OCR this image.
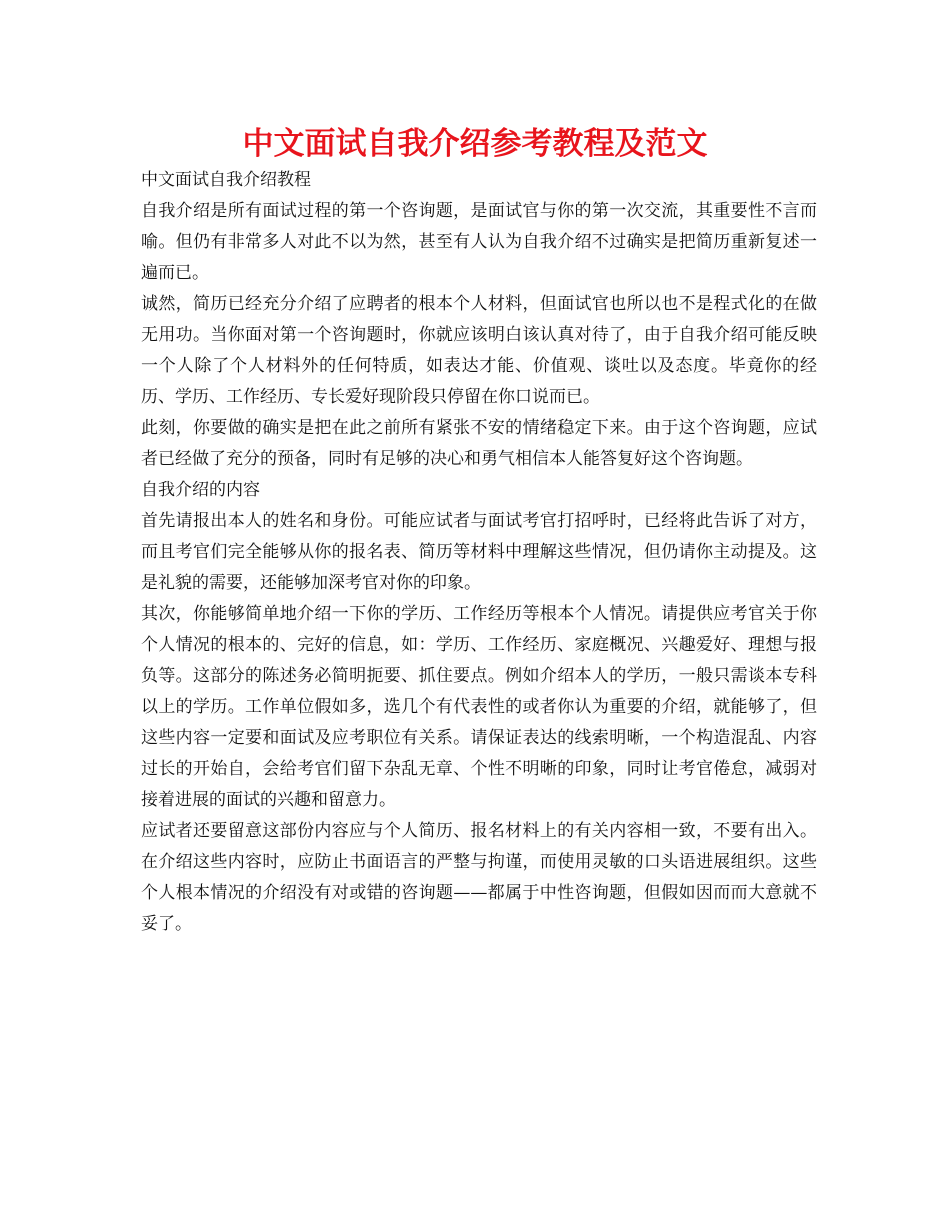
中文面试自我介绍参考教程及范文

中文面试自我介绍教程

自我介绍是所有面试过程的第一个咨询题，是面试官与你的第一次交流，其重要性不言而喻。但仍有非常多人对此不以为然，甚至有人认为自我介绍不过确实是把简历重新复述一遍而已。

诚然，简历已经充分介绍了应聘者的根本个人材料，但面试官也所以也不是程式化的在做无用功。当你面对第一个咨询题时，你就应该明白该认真对待了，由于自我介绍可能反映一个人除了个人材料外的任何特质，如表达才能、价值观、谈吐以及态度。毕竟你的经历、学历、工作经历、专长爱好现阶段只停留在你口说而已。

此刻，你要做的确实是把在此之前所有紧张不安的情绪稳定下来。由于这个咨询题，应试者已经做了充分的预备，同时有足够的决心和勇气相信本人能答复好这个咨询题。

自我介绍的内容

首先请报出本人的姓名和身份。可能应试者与面试考官打招呼时，已经将此告诉了对方，而且考官们完全能够从你的报名表、简历等材料中理解这些情况，但仍请你主动提及。这是礼貌的需要，还能够加深考官对你的印象。

其次，你能够简单地介绍一下你的学历、工作经历等根本个人情况。请提供应考官关于你个人情况的根本的、完好的信息，如：学历、工作经历、家庭概况、兴趣爱好、理想与报负等。这部分的陈述务必简明扼要、抓住要点。例如介绍本人的学历，一般只需谈本专科以上的学历。工作单位假如多，选几个有代表性的或者你认为重要的介绍，就能够了，但这些内容一定要和面试及应考职位有关系。请保证表达的线索明晰，一个构造混乱、内容过长的开始自，会给考官们留下杂乱无章、个性不明晰的印象，同时让考官倦怠，减弱对接着进展的面试的兴趣和留意力。

应试者还要留意这部份内容应与个人简历、报名材料上的有关内容相一致，不要有出入。在介绍这些内容时，应防止书面语言的严整与拘谨，而使用灵敏的口头语进展组织。这些个人根本情况的介绍没有对或错的咨询题——都属于中性咨询题，但假如因而而大意就不妥了。
